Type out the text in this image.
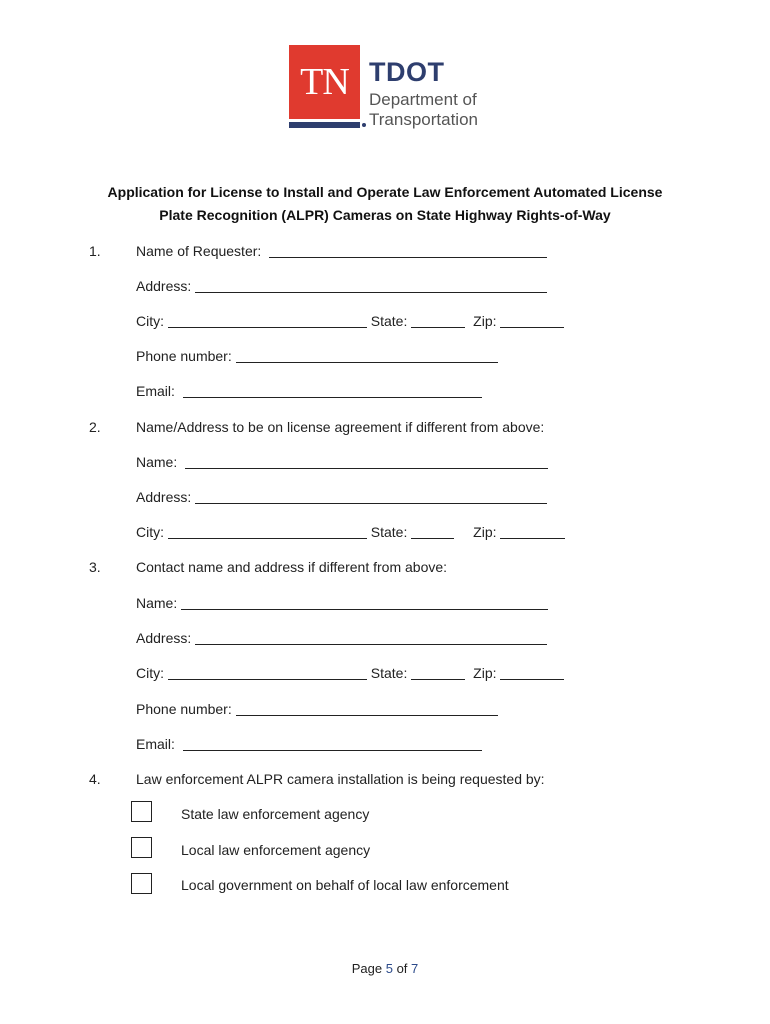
TN TDOT
Department of
Transportation
Application for License to Install and Operate Law Enforcement Automated License
Plate Recognition (ALPR) Cameras on State Highway Rights-of-Way
1.	Name of Requester:
Address:
City:	State:	Zip:
Phone number:
Email:
2.	Name/Address to be on license agreement if different from above:
Name:
Address:
City:	State:	Zip:
3.	Contact name and address if different from above:
Name:
Address:
City:	State:	Zip:
Phone number:
Email:
4.	Law enforcement ALPR camera installation is being requested by:
State law enforcement agency
Local law enforcement agency
Local government on behalf of local law enforcement
Page 5 of 7
